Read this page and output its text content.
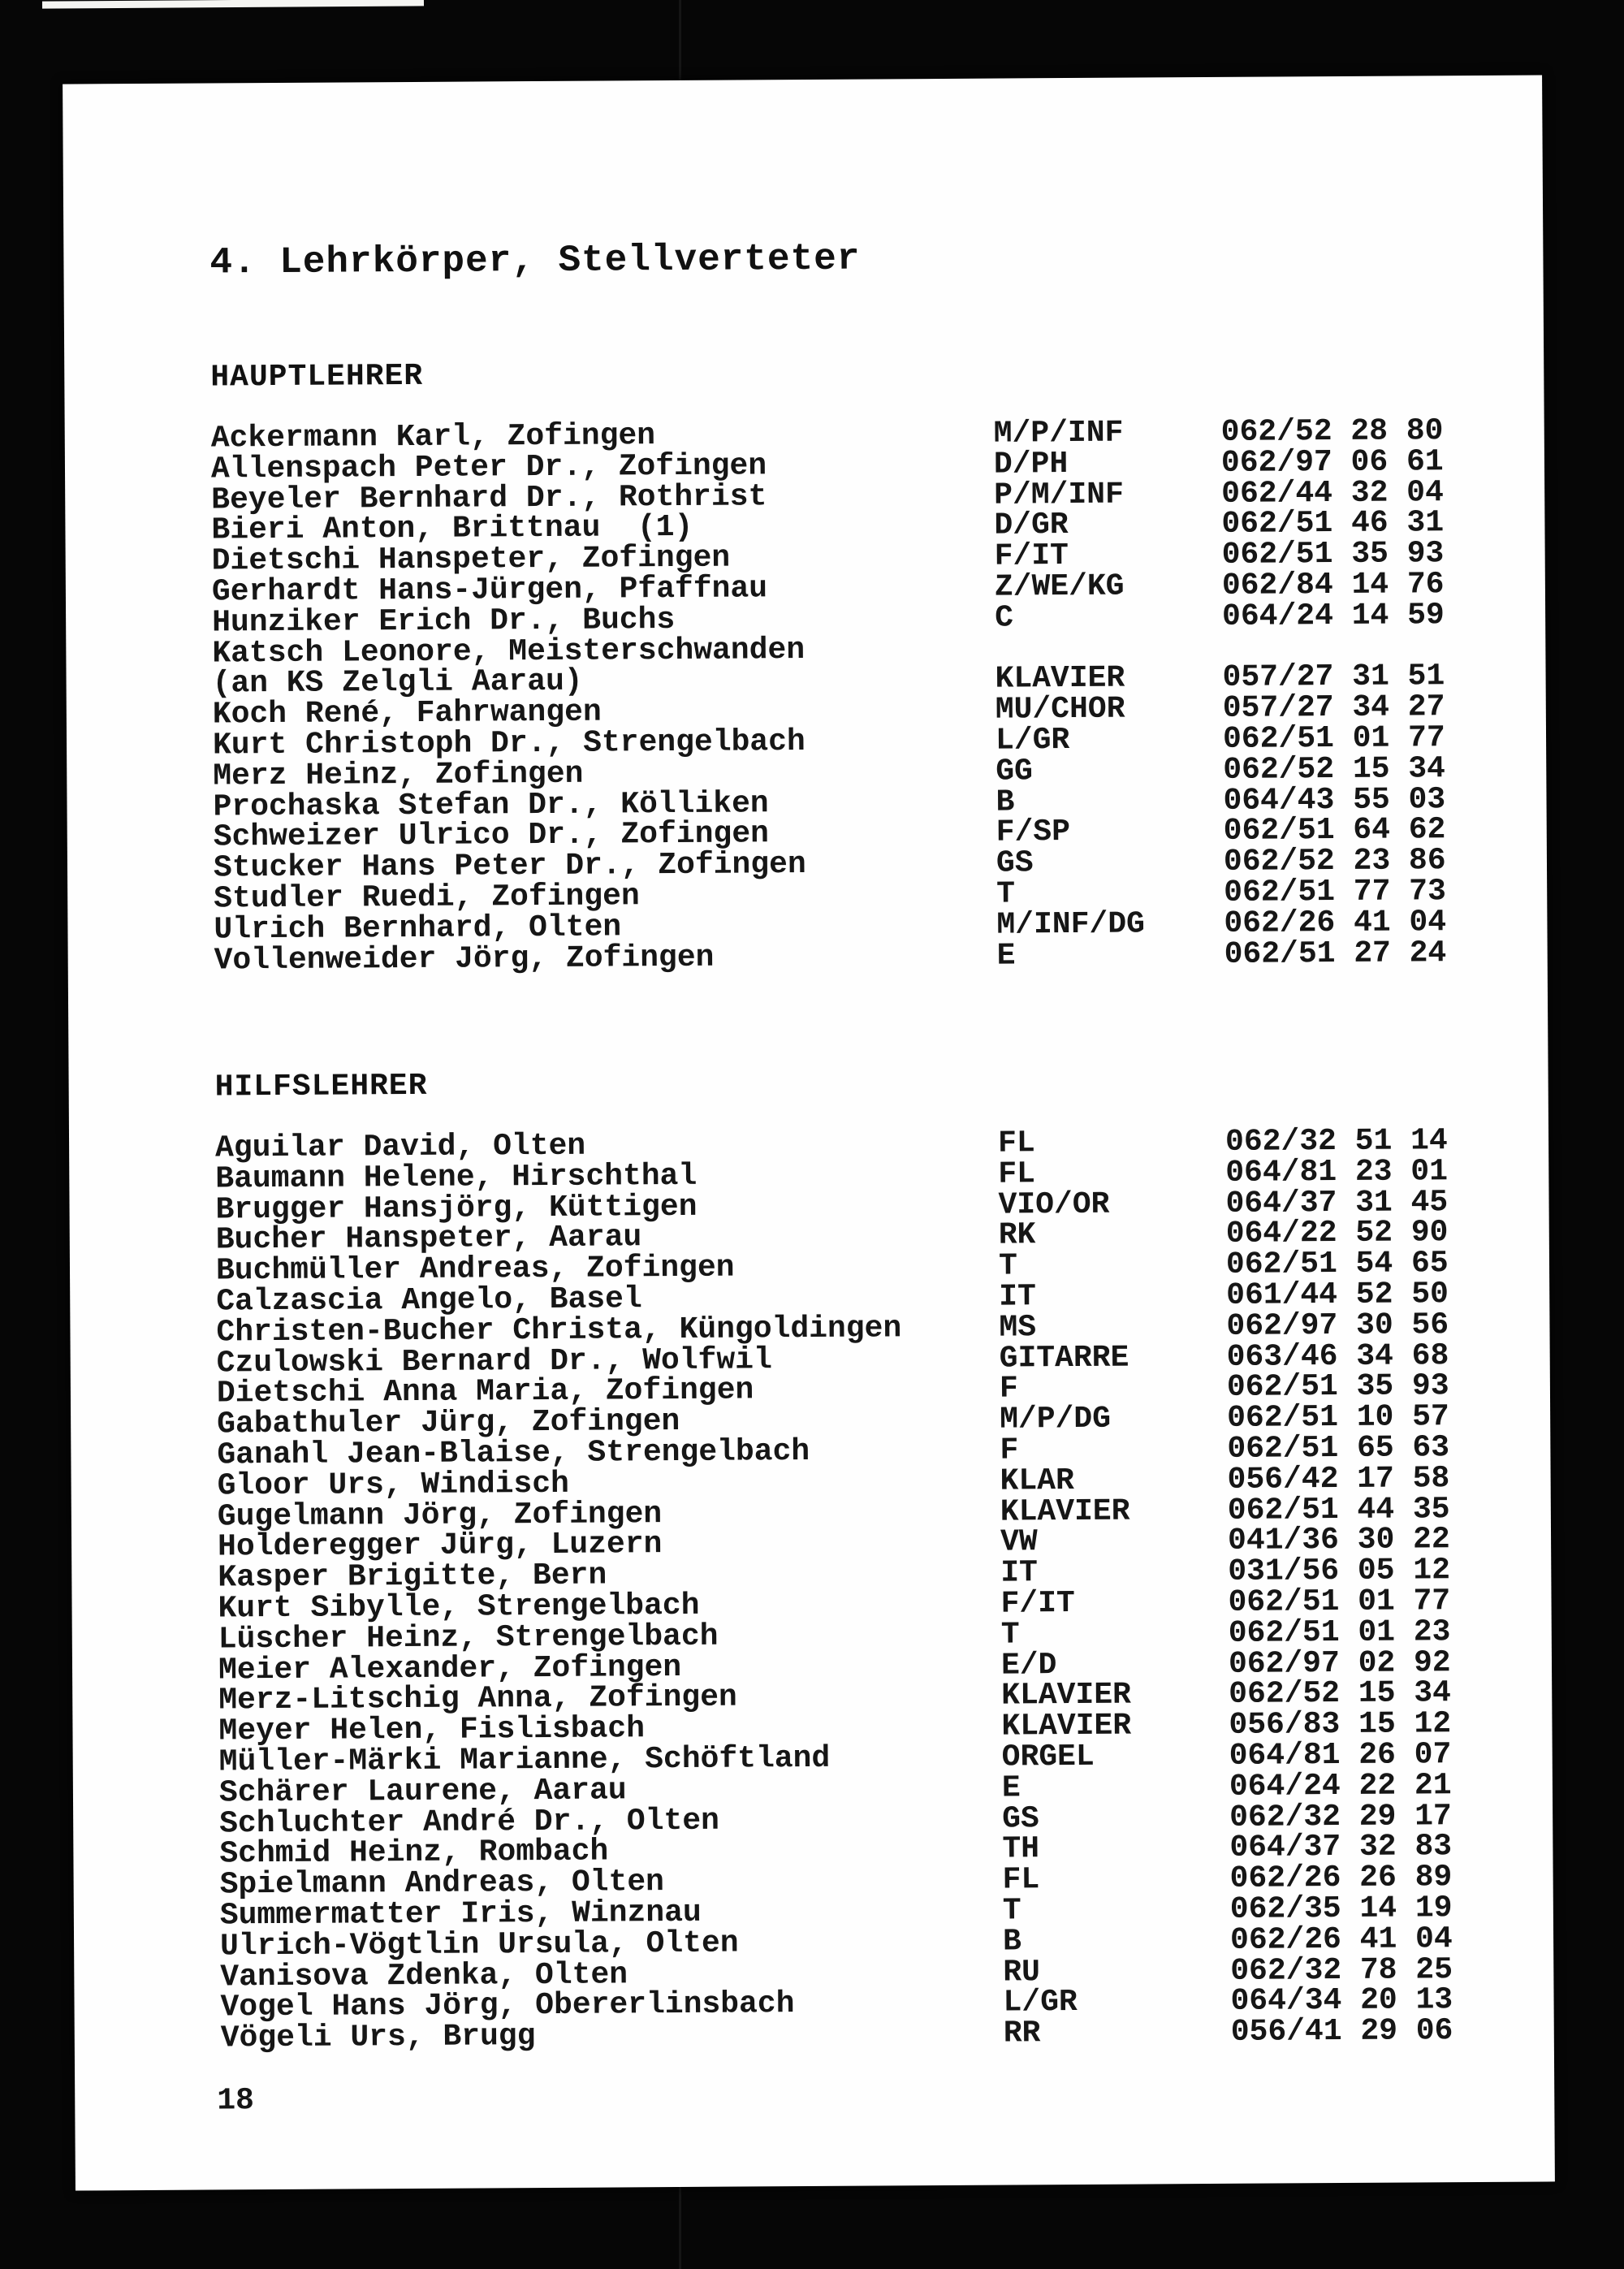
4. Lehrkörper, Stellverteter
HAUPTLEHRER
Ackermann Karl, Zofingen	M/P/INF	062/52 28 80
Allenspach Peter Dr., Zofingen	D/PH	062/97 06 61
Beyeler Bernhard Dr., Rothrist	P/M/INF	062/44 32 04
Bieri Anton, Brittnau  (1)	D/GR	062/51 46 31
Dietschi Hanspeter, Zofingen	F/IT	062/51 35 93
Gerhardt Hans-Jürgen, Pfaffnau	Z/WE/KG	062/84 14 76
Hunziker Erich Dr., Buchs	C	064/24 14 59
Katsch Leonore, Meisterschwanden
(an KS Zelgli Aarau)	KLAVIER	057/27 31 51
Koch René, Fahrwangen	MU/CHOR	057/27 34 27
Kurt Christoph Dr., Strengelbach	L/GR	062/51 01 77
Merz Heinz, Zofingen	GG	062/52 15 34
Prochaska Stefan Dr., Kölliken	B	064/43 55 03
Schweizer Ulrico Dr., Zofingen	F/SP	062/51 64 62
Stucker Hans Peter Dr., Zofingen	GS	062/52 23 86
Studler Ruedi, Zofingen	T	062/51 77 73
Ulrich Bernhard, Olten	M/INF/DG	062/26 41 04
Vollenweider Jörg, Zofingen	E	062/51 27 24
HILFSLEHRER
Aguilar David, Olten	FL	062/32 51 14
Baumann Helene, Hirschthal	FL	064/81 23 01
Brugger Hansjörg, Küttigen	VIO/OR	064/37 31 45
Bucher Hanspeter, Aarau	RK	064/22 52 90
Buchmüller Andreas, Zofingen	T	062/51 54 65
Calzascia Angelo, Basel	IT	061/44 52 50
Christen-Bucher Christa, Küngoldingen	MS	062/97 30 56
Czulowski Bernard Dr., Wolfwil	GITARRE	063/46 34 68
Dietschi Anna Maria, Zofingen	F	062/51 35 93
Gabathuler Jürg, Zofingen	M/P/DG	062/51 10 57
Ganahl Jean-Blaise, Strengelbach	F	062/51 65 63
Gloor Urs, Windisch	KLAR	056/42 17 58
Gugelmann Jörg, Zofingen	KLAVIER	062/51 44 35
Holderegger Jürg, Luzern	VW	041/36 30 22
Kasper Brigitte, Bern	IT	031/56 05 12
Kurt Sibylle, Strengelbach	F/IT	062/51 01 77
Lüscher Heinz, Strengelbach	T	062/51 01 23
Meier Alexander, Zofingen	E/D	062/97 02 92
Merz-Litschig Anna, Zofingen	KLAVIER	062/52 15 34
Meyer Helen, Fislisbach	KLAVIER	056/83 15 12
Müller-Märki Marianne, Schöftland	ORGEL	064/81 26 07
Schärer Laurene, Aarau	E	064/24 22 21
Schluchter André Dr., Olten	GS	062/32 29 17
Schmid Heinz, Rombach	TH	064/37 32 83
Spielmann Andreas, Olten	FL	062/26 26 89
Summermatter Iris, Winznau	T	062/35 14 19
Ulrich-Vögtlin Ursula, Olten	B	062/26 41 04
Vanisova Zdenka, Olten	RU	062/32 78 25
Vogel Hans Jörg, Obererlinsbach	L/GR	064/34 20 13
Vögeli Urs, Brugg	RR	056/41 29 06
18
